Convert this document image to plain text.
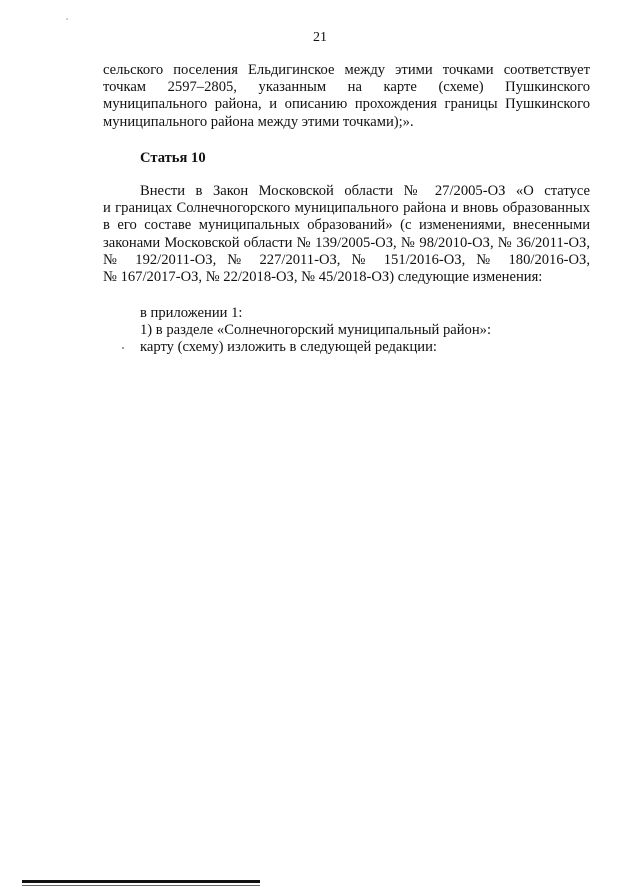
21
сельского поселения Ельдигинское между этими точками соответствует
точкам 2597–2805, указанным на карте (схеме) Пушкинского
муниципального района, и описанию прохождения границы Пушкинского
муниципального района между этими точками);».
Статья 10
Внести в Закон Московской области № 27/2005-ОЗ «О статусе
и границах Солнечногорского муниципального района и вновь образованных
в его составе муниципальных образований» (с изменениями, внесенными
законами Московской области № 139/2005-ОЗ, № 98/2010-ОЗ, № 36/2011-ОЗ,
№ 192/2011-ОЗ, № 227/2011-ОЗ, № 151/2016-ОЗ, № 180/2016-ОЗ,
№ 167/2017-ОЗ, № 22/2018-ОЗ, № 45/2018-ОЗ) следующие изменения:
в приложении 1:
1) в разделе «Солнечногорский муниципальный район»:
карту (схему) изложить в следующей редакции:
